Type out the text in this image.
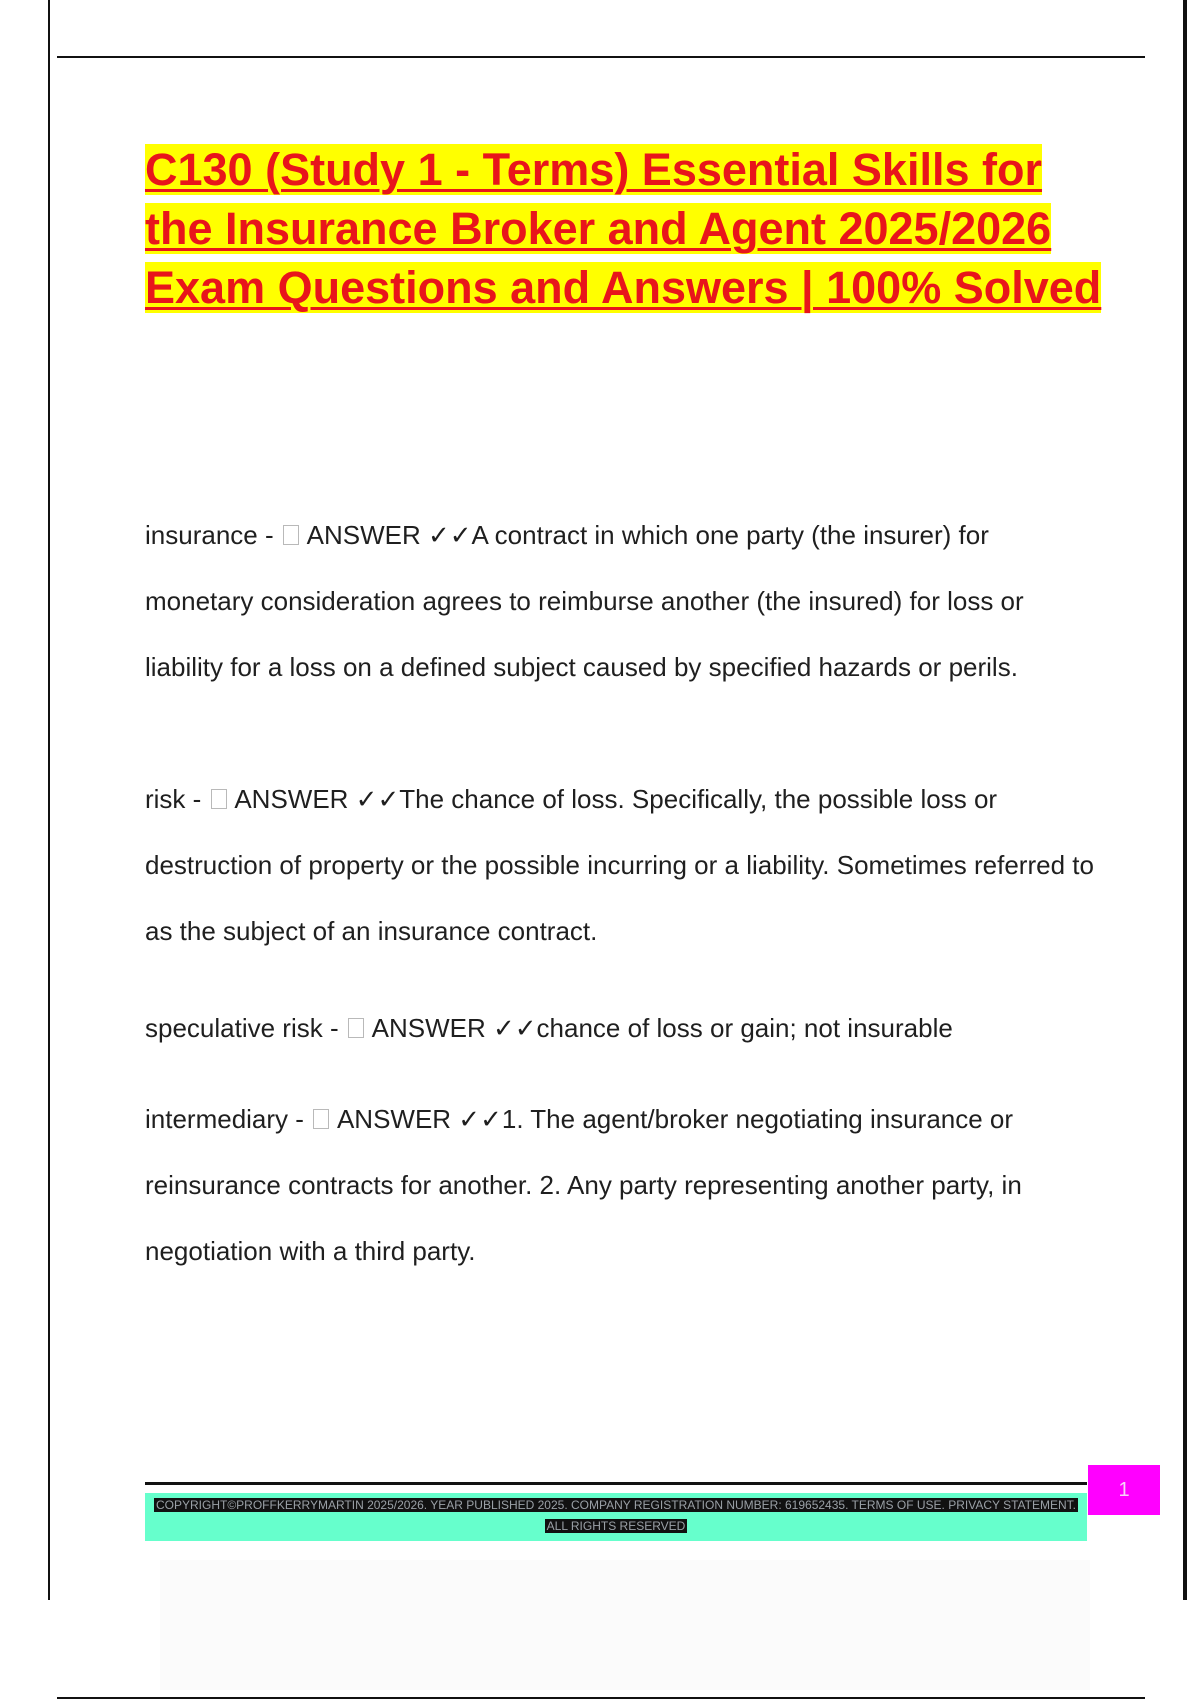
C130 (Study 1 - Terms) Essential Skills for the Insurance Broker and Agent 2025/2026 Exam Questions and Answers | 100% Solved

insurance -  ANSWER ✓✓A contract in which one party (the insurer) for monetary consideration agrees to reimburse another (the insured) for loss or liability for a loss on a defined subject caused by specified hazards or perils.

risk -  ANSWER ✓✓The chance of loss. Specifically, the possible loss or destruction of property or the possible incurring or a liability. Sometimes referred to as the subject of an insurance contract.

speculative risk -  ANSWER ✓✓chance of loss or gain; not insurable

intermediary -  ANSWER ✓✓1. The agent/broker negotiating insurance or reinsurance contracts for another. 2. Any party representing another party, in negotiation with a third party.

COPYRIGHT©PROFFKERRYMARTIN 2025/2026. YEAR PUBLISHED 2025. COMPANY REGISTRATION NUMBER: 619652435. TERMS OF USE. PRIVACY STATEMENT. ALL RIGHTS RESERVED
1
